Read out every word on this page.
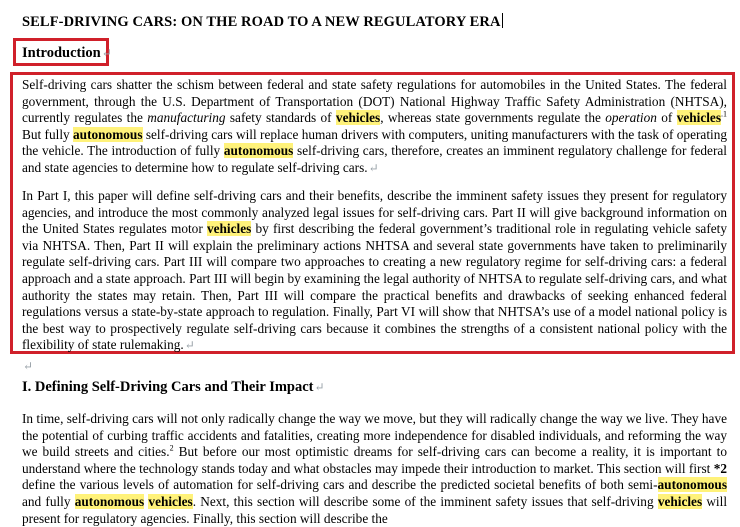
SELF-DRIVING CARS: ON THE ROAD TO A NEW REGULATORY ERA
Introduction↵

Self-driving cars shatter the schism between federal and state safety regulations for automobiles in the United States. The federal government, through the U.S. Department of Transportation (DOT) National Highway Traffic Safety Administration (NHTSA), currently regulates the manufacturing safety standards of vehicles, whereas state governments regulate the operation of vehicles$^{.1}$ But fully autonomous self-driving cars will replace human drivers with computers, uniting manufacturers with the task of operating the vehicle. The introduction of fully autonomous self-driving cars, therefore, creates an imminent regulatory challenge for federal and state agencies to determine how to regulate self-driving cars.↵

In Part I, this paper will define self-driving cars and their benefits, describe the imminent safety issues they present for regulatory agencies, and introduce the most commonly analyzed legal issues for self-driving cars. Part II will give background information on the United States regulates motor vehicles by first describing the federal government’s traditional role in regulating vehicle safety via NHTSA. Then, Part II will explain the preliminary actions NHTSA and several state governments have taken to preliminarily regulate self-driving cars. Part III will compare two approaches to creating a new regulatory regime for self-driving cars: a federal approach and a state approach. Part III will begin by examining the legal authority of NHTSA to regulate self-driving cars, and what authority the states may retain. Then, Part III will compare the practical benefits and drawbacks of seeking enhanced federal regulations versus a state-by-state approach to regulation. Finally, Part VI will show that NHTSA’s use of a model national policy is the best way to prospectively regulate self-driving cars because it combines the strengths of a consistent national policy with the flexibility of state rulemaking.↵

↵
I. Defining Self-Driving Cars and Their Impact↵

In time, self-driving cars will not only radically change the way we move, but they will radically change the way we live. They have the potential of curbing traffic accidents and fatalities, creating more independence for disabled individuals, and reforming the way we build streets and cities.$^2$ But before our most optimistic dreams for self-driving cars can become a reality, it is important to understand where the technology stands today and what obstacles may impede their introduction to market. This section will first *2 define the various levels of automation for self-driving cars and describe the predicted societal benefits of both semi-autonomous and fully autonomous vehicles. Next, this section will describe some of the imminent safety issues that self-driving vehicles will present for regulatory agencies. Finally, this section will describe the
